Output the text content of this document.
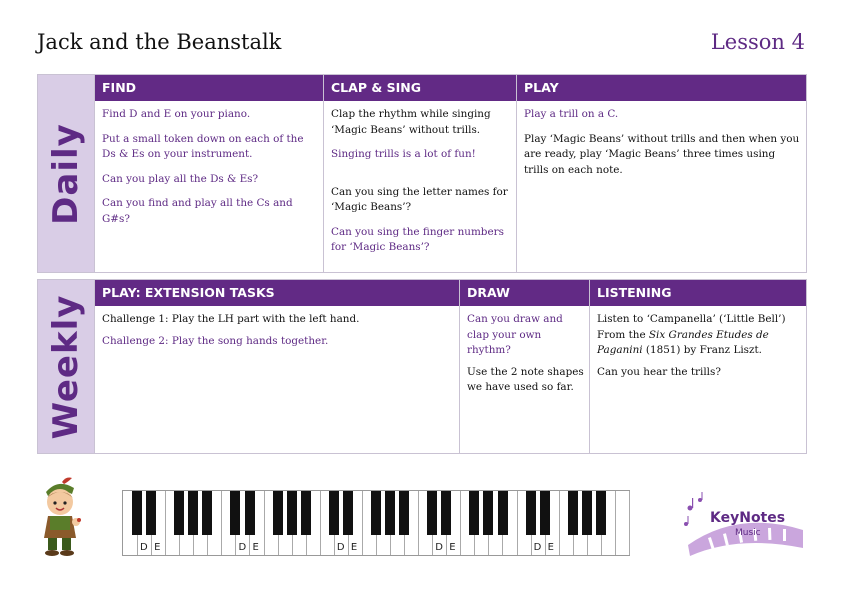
Jack and the Beanstalk	Lesson 4
Daily
FIND

Find D and E on your piano.

Put a small token down on each of the Ds & Es on your instrument.

Can you play all the Ds & Es?

Can you find and play all the Cs and G#s?

CLAP & SING

Clap the rhythm while singing ‘Magic Beans’ without trills.

Singing trills is a lot of fun!

Can you sing the letter names for ‘Magic Beans’?

Can you sing the finger numbers for ‘Magic Beans’?

PLAY

Play a trill on a C.

Play ‘Magic Beans’ without trills and then when you are ready, play ‘Magic Beans’ three times using trills on each note.

Weekly
PLAY: EXTENSION TASKS

Challenge 1: Play the LH part with the left hand.

Challenge 2: Play the song hands together.

DRAW

Can you draw and clap your own rhythm?

Use the 2 note shapes we have used so far.

LISTENING

Listen to ‘Campanella’ (‘Little Bell’) From the Six Grandes Etudes de Paganini (1851) by Franz Liszt.

Can you hear the trills?

D E	D E	D E	D E	D E
KeyNotes
Music
